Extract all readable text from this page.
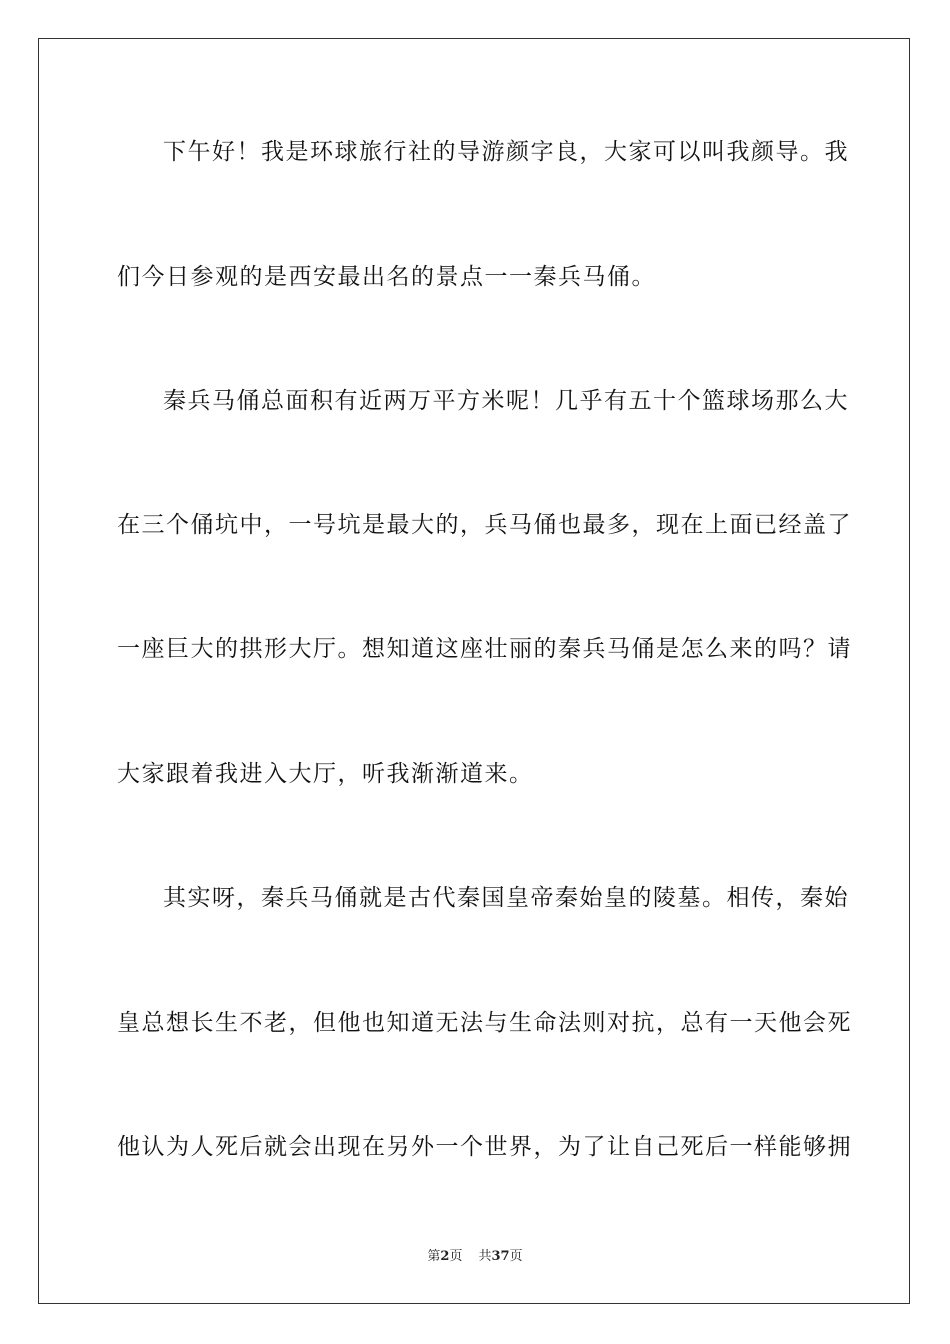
下午好！我是环球旅行社的导游颜字良，大家可以叫我颜导。我
们今日参观的是西安最出名的景点一一秦兵马俑。
秦兵马俑总面积有近两万平方米呢！几乎有五十个篮球场那么大
在三个俑坑中，一号坑是最大的，兵马俑也最多，现在上面已经盖了
一座巨大的拱形大厅。想知道这座壮丽的秦兵马俑是怎么来的吗？请
大家跟着我进入大厅，听我渐渐道来。
其实呀，秦兵马俑就是古代秦国皇帝秦始皇的陵墓。相传，秦始
皇总想长生不老，但他也知道无法与生命法则对抗，总有一天他会死
他认为人死后就会出现在另外一个世界，为了让自己死后一样能够拥
第2页 共37页
